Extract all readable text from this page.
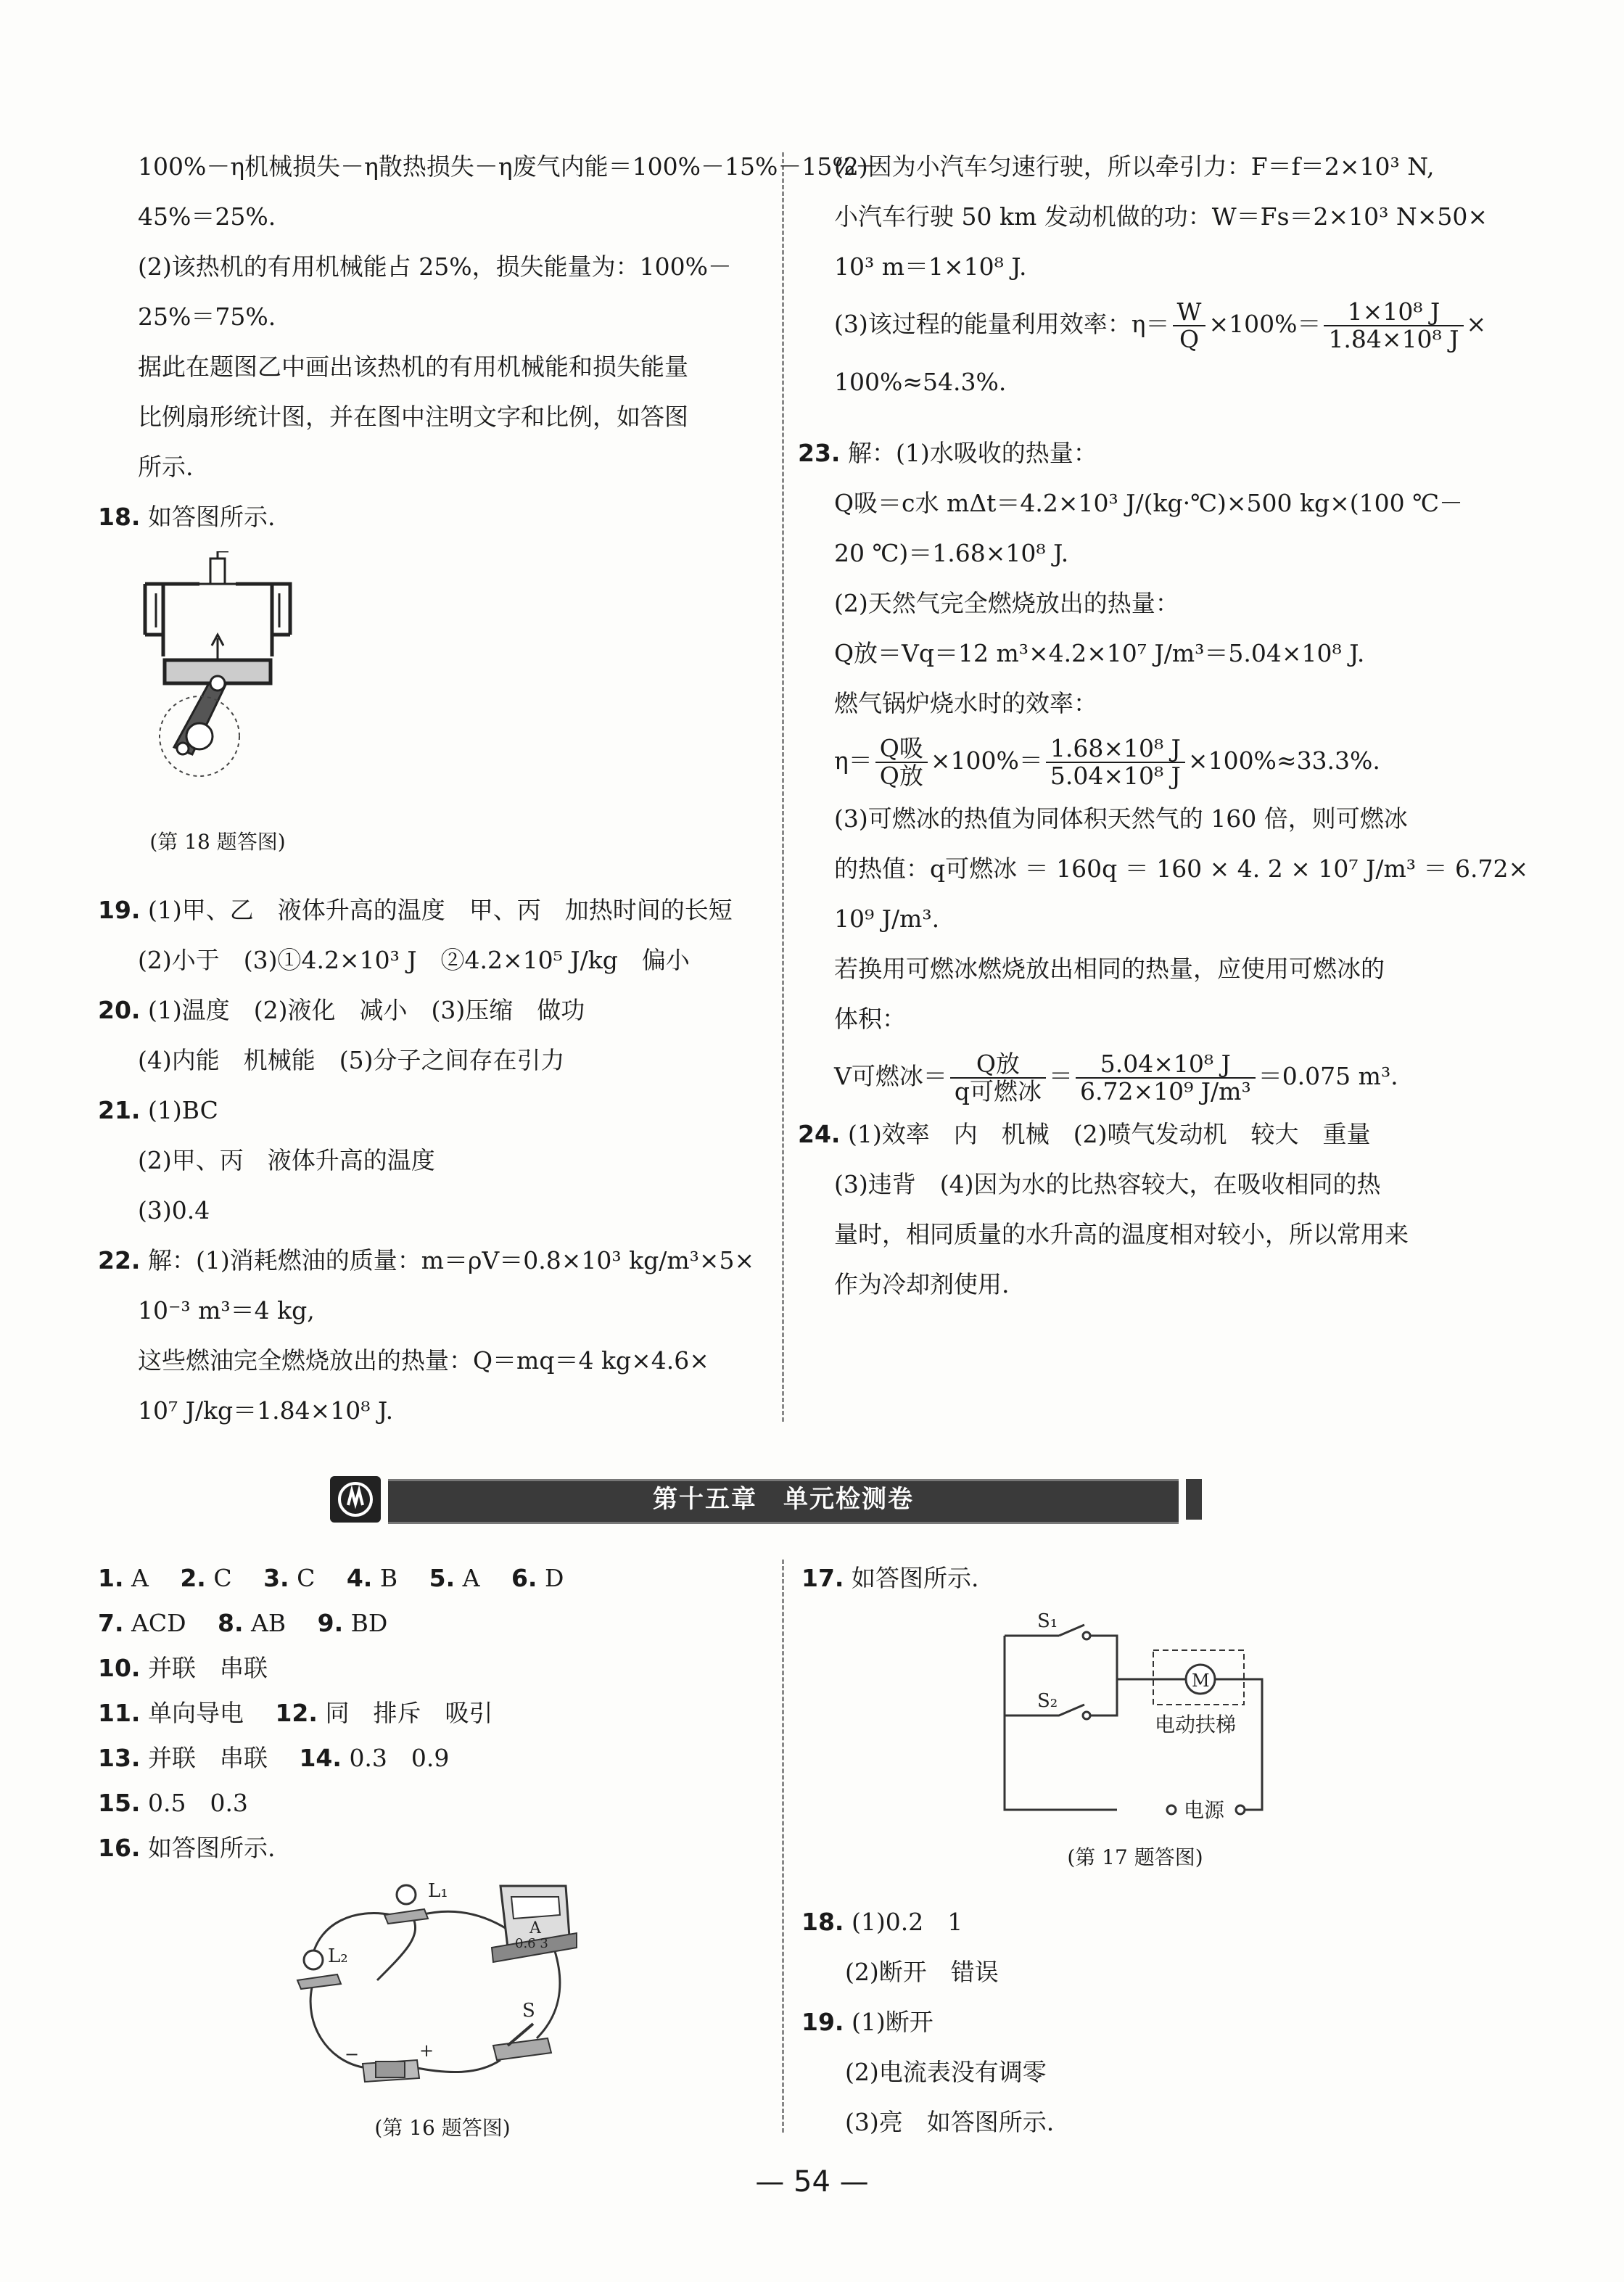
100%－η机械损失－η散热损失－η废气内能＝100%－15%－15%－
45%＝25%.
(2)该热机的有用机械能占 25%，损失能量为：100%－
25%＝75%.
据此在题图乙中画出该热机的有用机械能和损失能量
比例扇形统计图，并在图中注明文字和比例，如答图
所示.
18. 如答图所示.
(第 18 题答图)
19. (1)甲、乙　液体升高的温度　甲、丙　加热时间的长短
(2)小于　(3)①4.2×10³ J　②4.2×10⁵ J/kg　偏小
20. (1)温度　(2)液化　减小　(3)压缩　做功
(4)内能　机械能　(5)分子之间存在引力
21. (1)BC
(2)甲、丙　液体升高的温度
(3)0.4
22. 解：(1)消耗燃油的质量：m＝ρV＝0.8×10³ kg/m³×5×
10⁻³ m³＝4 kg,
这些燃油完全燃烧放出的热量：Q＝mq＝4 kg×4.6×
10⁷ J/kg＝1.84×10⁸ J.
(2)因为小汽车匀速行驶，所以牵引力：F＝f＝2×10³ N,
小汽车行驶 50 km 发动机做的功：W＝Fs＝2×10³ N×50×
10³ m＝1×10⁸ J.
(3)该过程的能量利用效率：$\eta= \frac{W}{Q} \times 100\%= \frac{\text{1×10⁸ J}}{\text{1.84×10⁸ J}}$ ×
100%≈54.3%.
23. 解：(1)水吸收的热量：
Q吸＝c水 mΔt＝4.2×10³ J/(kg·℃)×500 kg×(100 ℃－
20 ℃)＝1.68×10⁸ J.
(2)天然气完全燃烧放出的热量：
Q放＝Vq＝12 m³×4.2×10⁷ J/m³＝5.04×10⁸ J.
燃气锅炉烧水时的效率：
$\eta= \frac{\text{Q吸}}{\text{Q放}} \times 100\%= \frac{\text{1.68×10⁸ J}}{\text{5.04×10⁸ J}} \times 100\%\approx 33.3\%$.
(3)可燃冰的热值为同体积天然气的 160 倍，则可燃冰
的热值：q可燃冰 ＝ 160q ＝ 160 × 4. 2 × 10⁷ J/m³ ＝ 6.72×
10⁹ J/m³.
若换用可燃冰燃烧放出相同的热量，应使用可燃冰的
体积：
V可燃冰＝ $\frac{\text{Q放}}{\text{q可燃冰}} = \frac{\text{5.04×10⁸ J}}{\text{6.72×10⁹ J/m³}} =0.075$ m³.
24. (1)效率　内　机械　(2)喷气发动机　较大　重量
(3)违背　(4)因为水的比热容较大，在吸收相同的热
量时，相同质量的水升高的温度相对较小，所以常用来
作为冷却剂使用.
第十五章　单元检测卷
1. A　 2. C　 3. C　 4. B　 5. A　 6. D
7. ACD　 8. AB　 9. BD
10. 并联　串联
11. 单向导电　 12. 同　排斥　吸引
13. 并联　串联　 14. 0.3　0.9
15. 0.5　0.3
16. 如答图所示.
L₁
L₂
A
0.6 3
S
−	+
(第 16 题答图)
17. 如答图所示.
S₁
S₂
M
电动扶梯
电源
(第 17 题答图)
18. (1)0.2　1
(2)断开　错误
19. (1)断开
(2)电流表没有调零
(3)亮　如答图所示.
— 54 —
